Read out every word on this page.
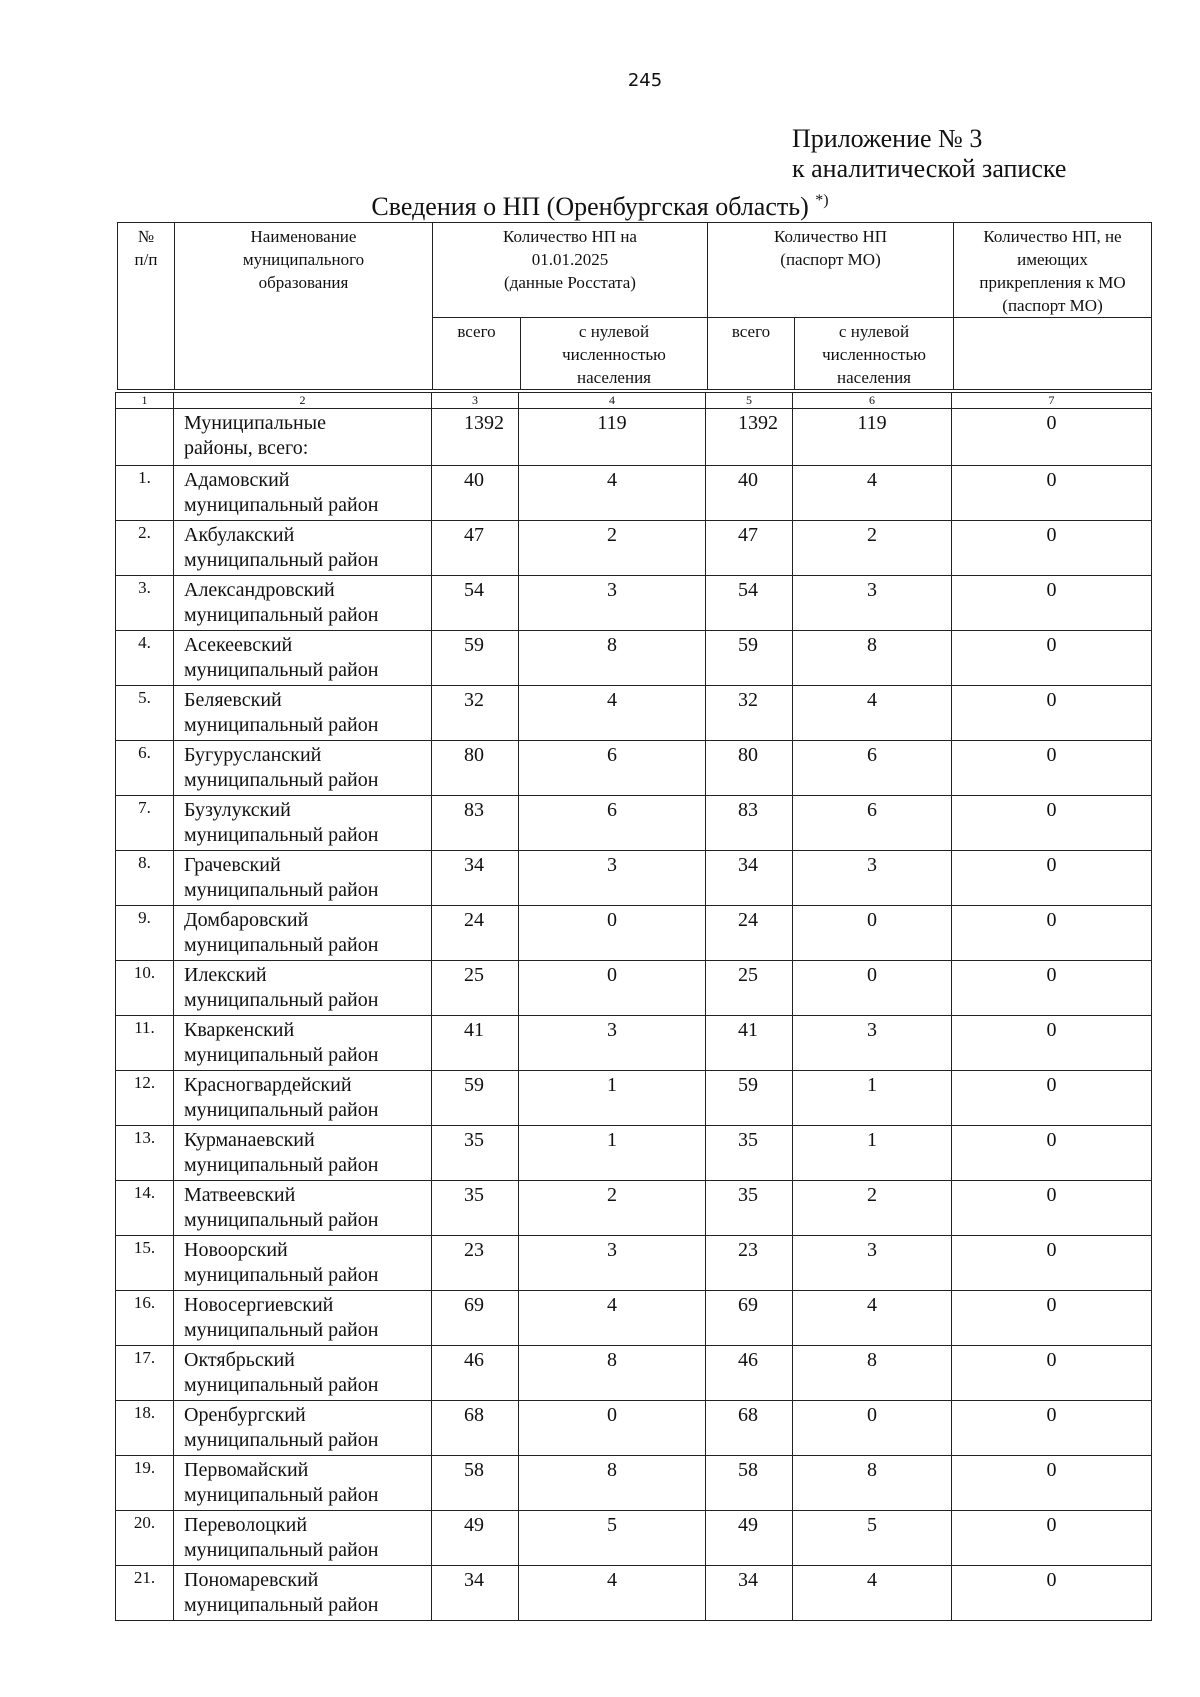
245
Приложение № 3
к аналитической записке
Сведения о НП (Оренбургская область) *)
№
п/п	Наименование
муниципального
образования	Количество НП на
01.01.2025
(данные Росстата)		Количество НП
(паспорт МО)		Количество НП, не
имеющих
прикрепления к МО
(паспорт МО)
		всего	с нулевой
численностью
населения	всего	с нулевой
численностью
населения	
1	2	3	4	5	6	7
	Муниципальные
районы, всего:	1392	119	1392	119	0
1.	Адамовский
муниципальный район	40	4	40	4	0
2.	Акбулакский
муниципальный район	47	2	47	2	0
3.	Александровский
муниципальный район	54	3	54	3	0
4.	Асекеевский
муниципальный район	59	8	59	8	0
5.	Беляевский
муниципальный район	32	4	32	4	0
6.	Бугурусланский
муниципальный район	80	6	80	6	0
7.	Бузулукский
муниципальный район	83	6	83	6	0
8.	Грачевский
муниципальный район	34	3	34	3	0
9.	Домбаровский
муниципальный район	24	0	24	0	0
10.	Илекский
муниципальный район	25	0	25	0	0
11.	Кваркенский
муниципальный район	41	3	41	3	0
12.	Красногвардейский
муниципальный район	59	1	59	1	0
13.	Курманаевский
муниципальный район	35	1	35	1	0
14.	Матвеевский
муниципальный район	35	2	35	2	0
15.	Новоорский
муниципальный район	23	3	23	3	0
16.	Новосергиевский
муниципальный район	69	4	69	4	0
17.	Октябрьский
муниципальный район	46	8	46	8	0
18.	Оренбургский
муниципальный район	68	0	68	0	0
19.	Первомайский
муниципальный район	58	8	58	8	0
20.	Переволоцкий
муниципальный район	49	5	49	5	0
21.	Пономаревский
муниципальный район	34	4	34	4	0
